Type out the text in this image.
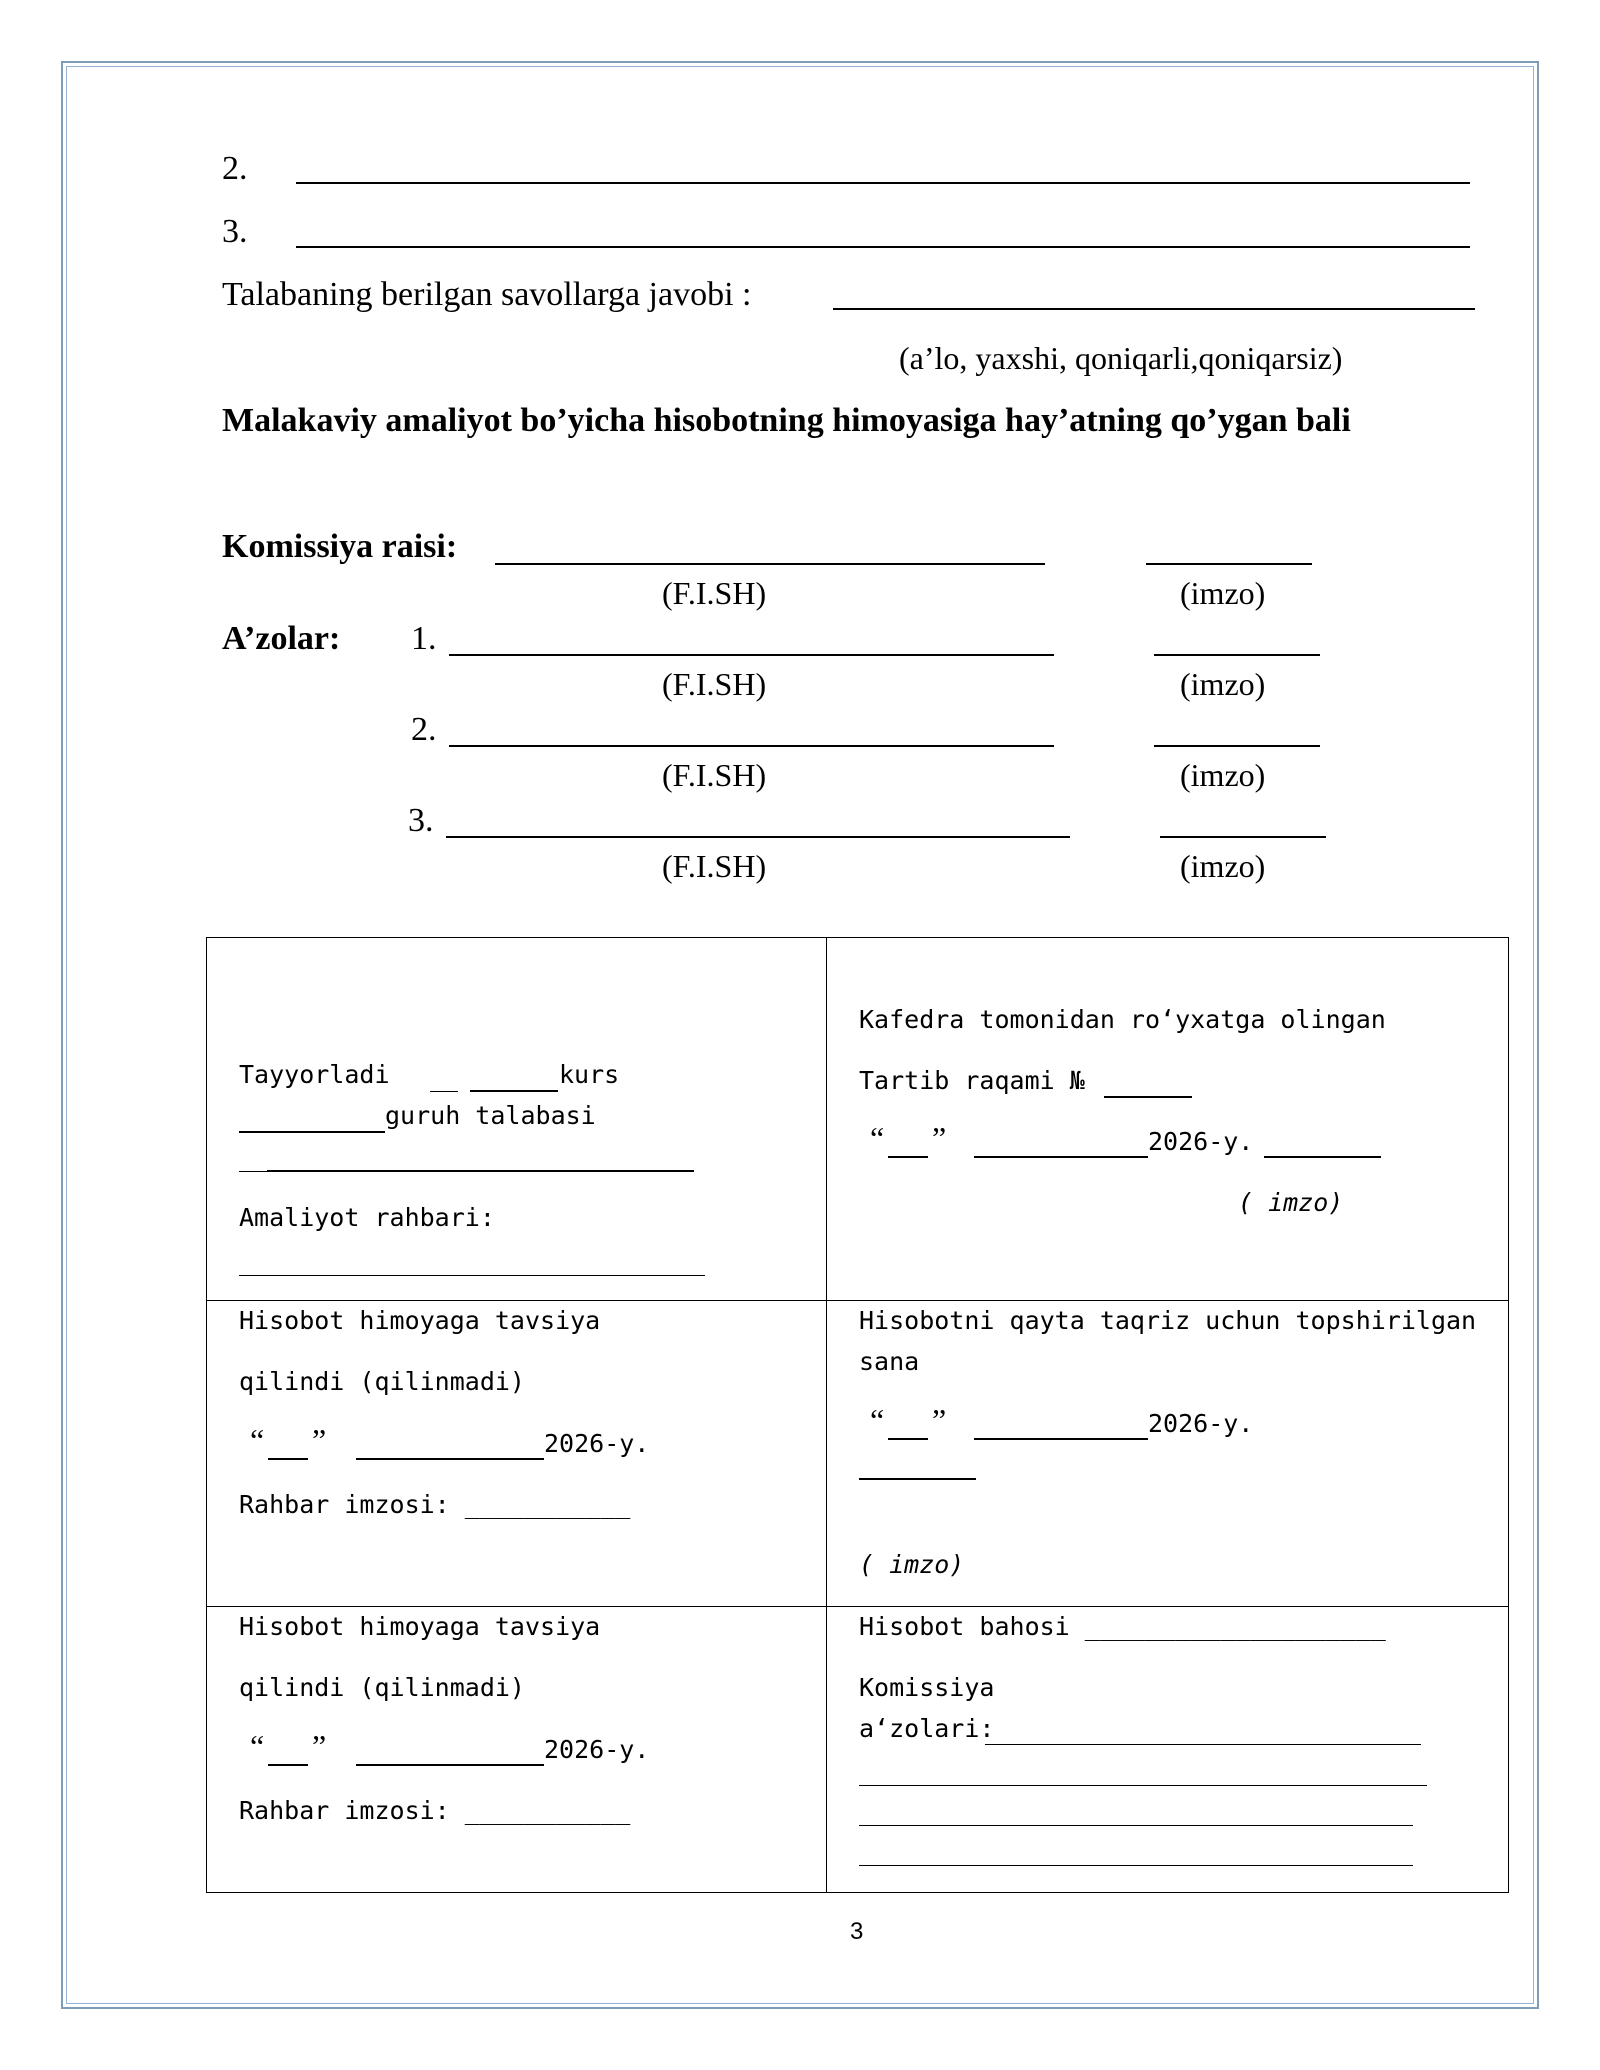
2.
3.
Talabaning berilgan savollarga javobi :
(a’lo, yaxshi, qoniqarli,qoniqarsiz)
Malakaviy amaliyot bo’yicha hisobotning himoyasiga hay’atning qo’ygan bali
Komissiya raisi:
(F.I.SH)	(imzo)
A’zolar: 1.
(F.I.SH)	(imzo)
2.
(F.I.SH)	(imzo)
3.
(F.I.SH)	(imzo)
Tayyorladi	kurs
guruh talabasi
Amaliyot rahbari:
Kafedra tomonidan ro‘yxatga olingan
Tartib raqami №
“ ”	2026-y.
( imzo)
Hisobot himoyaga tavsiya
qilindi (qilinmadi)
“ ”	2026-y.
Rahbar imzosi: ___________
Hisobotni qayta taqriz uchun topshirilgan
sana
“ ”	2026-y.
( imzo)
Hisobot himoyaga tavsiya
qilindi (qilinmadi)
“ ”	2026-y.
Rahbar imzosi: ___________
Hisobot bahosi ____________________
Komissiya
a‘zolari:
3
